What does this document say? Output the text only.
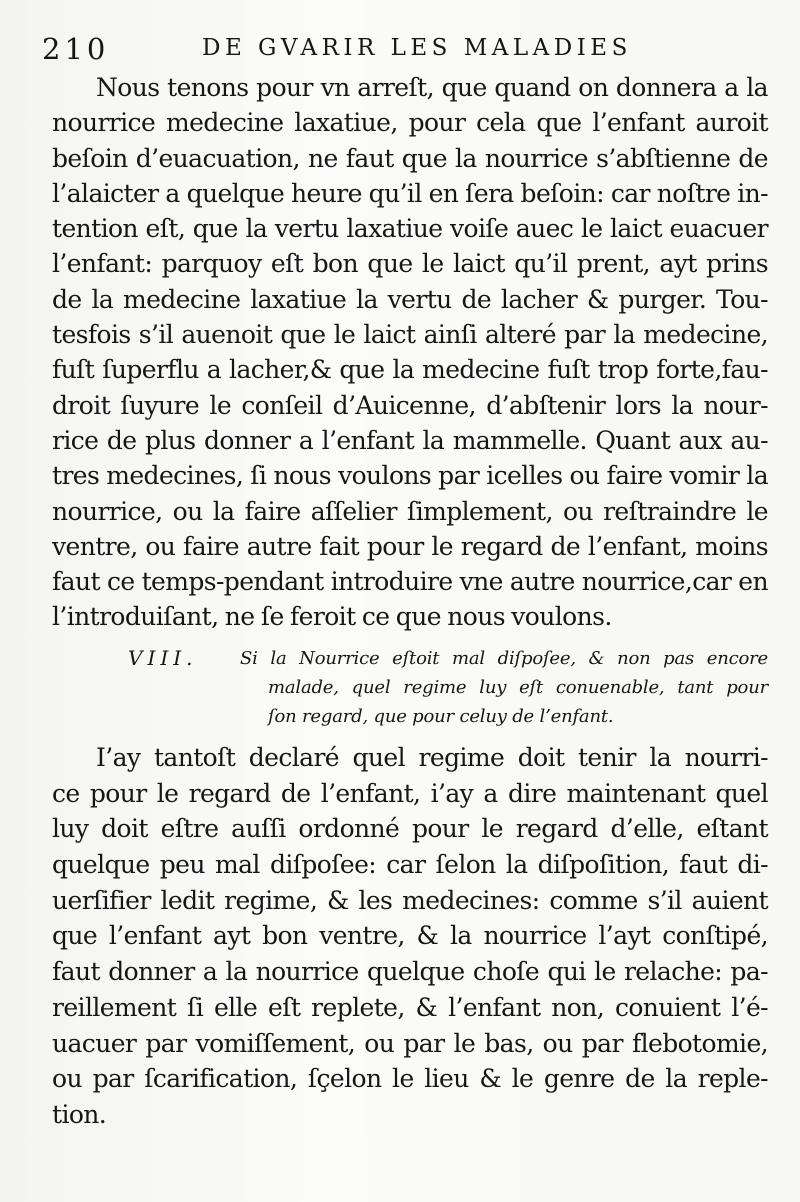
210	DE GVARIR LES MALADIES
Nous tenons pour vn arreſt, que quand on donnera a la
nourrice medecine laxatiue, pour cela que l’enfant auroit
beſoin d’euacuation, ne faut que la nourrice s’abſtienne de
l’alaicter a quelque heure qu’il en ſera beſoin: car noſtre in-
tention eſt, que la vertu laxatiue voiſe auec le laict euacuer
l’enfant: parquoy eſt bon que le laict qu’il prent, ayt prins
de la medecine laxatiue la vertu de lacher & purger. Tou-
tesfois s’il auenoit que le laict ainſi alteré par la medecine,
fuſt ſuperflu a lacher,& que la medecine fuſt trop forte,fau-
droit ſuyure le conſeil d’Auicenne, d’abſtenir lors la nour-
rice de plus donner a l’enfant la mammelle. Quant aux au-
tres medecines, ſi nous voulons par icelles ou faire vomir la
nourrice, ou la faire aſſelier ſimplement, ou reſtraindre le
ventre, ou faire autre fait pour le regard de l’enfant, moins
faut ce temps-pendant introduire vne autre nourrice,car en
l’introduiſant, ne ſe feroit ce que nous voulons.
VIII. Si la Nourrice eſtoit mal diſpoſee, & non pas encore
malade, quel regime luy eſt conuenable, tant pour
ſon regard, que pour celuy de l’enfant.
I’ay tantoſt declaré quel regime doit tenir la nourri-
ce pour le regard de l’enfant, i’ay a dire maintenant quel
luy doit eſtre auſſi ordonné pour le regard d’elle, eſtant
quelque peu mal diſpoſee: car ſelon la diſpoſition, faut di-
uerſifier ledit regime, & les medecines: comme s’il auient
que l’enfant ayt bon ventre, & la nourrice l’ayt conſtipé,
faut donner a la nourrice quelque choſe qui le relache: pa-
reillement ſi elle eſt replete, & l’enfant non, conuient l’é-
uacuer par vomiſſement, ou par le bas, ou par flebotomie,
ou par ſcarification, ſçelon le lieu & le genre de la reple-
tion.
